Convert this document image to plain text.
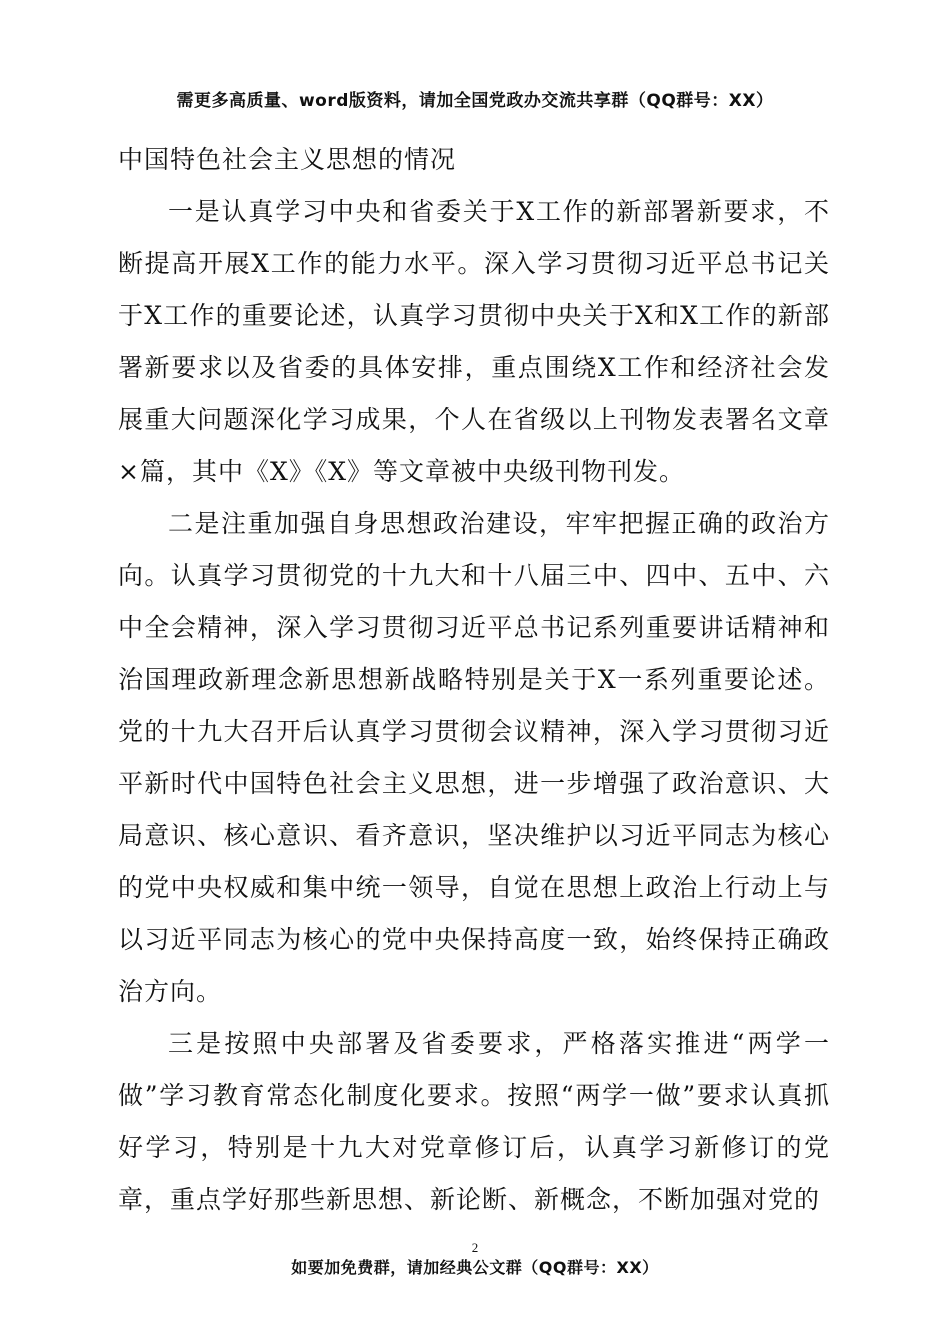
需更多高质量、word版资料，请加全国党政办交流共享群（QQ群号：XX）

中国特色社会主义思想的情况

一是认真学习中央和省委关于X工作的新部署新要求，不断提高开展X工作的能力水平。深入学习贯彻习近平总书记关于X工作的重要论述，认真学习贯彻中央关于X和X工作的新部署新要求以及省委的具体安排，重点围绕X工作和经济社会发展重大问题深化学习成果，个人在省级以上刊物发表署名文章×篇，其中《X》《X》等文章被中央级刊物刊发。

二是注重加强自身思想政治建设，牢牢把握正确的政治方向。认真学习贯彻党的十九大和十八届三中、四中、五中、六中全会精神，深入学习贯彻习近平总书记系列重要讲话精神和治国理政新理念新思想新战略特别是关于X一系列重要论述。党的十九大召开后认真学习贯彻会议精神，深入学习贯彻习近平新时代中国特色社会主义思想，进一步增强了政治意识、大局意识、核心意识、看齐意识，坚决维护以习近平同志为核心的党中央权威和集中统一领导，自觉在思想上政治上行动上与以习近平同志为核心的党中央保持高度一致，始终保持正确政治方向。

三是按照中央部署及省委要求，严格落实推进“两学一做”学习教育常态化制度化要求。按照“两学一做”要求认真抓好学习，特别是十九大对党章修订后，认真学习新修订的党章，重点学好那些新思想、新论断、新概念，不断加强对党的

2
如要加免费群，请加经典公文群（QQ群号：XX）
